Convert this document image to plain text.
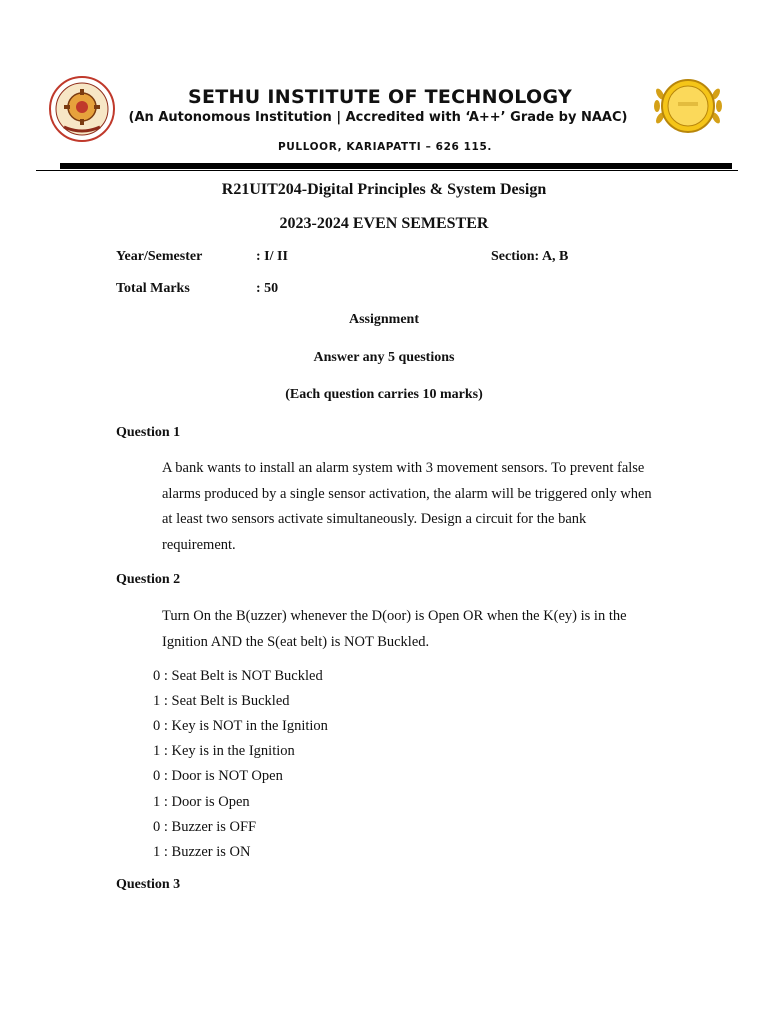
SETHU INSTITUTE OF TECHNOLOGY
(An Autonomous Institution | Accredited with ‘A++’ Grade by NAAC)
PULLOOR, KARIAPATTI – 626 115.
R21UIT204-Digital Principles & System Design
2023-2024 EVEN SEMESTER
Year/Semester	: I/ II	Section: A, B
Total Marks	: 50
Assignment
Answer any 5 questions
(Each question carries 10 marks)
Question 1
A bank wants to install an alarm system with 3 movement sensors. To prevent false alarms produced by a single sensor activation, the alarm will be triggered only when at least two sensors activate simultaneously. Design a circuit for the bank requirement.
Question 2
Turn On the B(uzzer) whenever the D(oor) is Open OR when the K(ey) is in the Ignition AND the S(eat belt) is NOT Buckled.
0 : Seat Belt is NOT Buckled
1 : Seat Belt is Buckled
0 : Key is NOT in the Ignition
1 : Key is in the Ignition
0 : Door is NOT Open
1 : Door is Open
0 : Buzzer is OFF
1 : Buzzer is ON
Question 3
